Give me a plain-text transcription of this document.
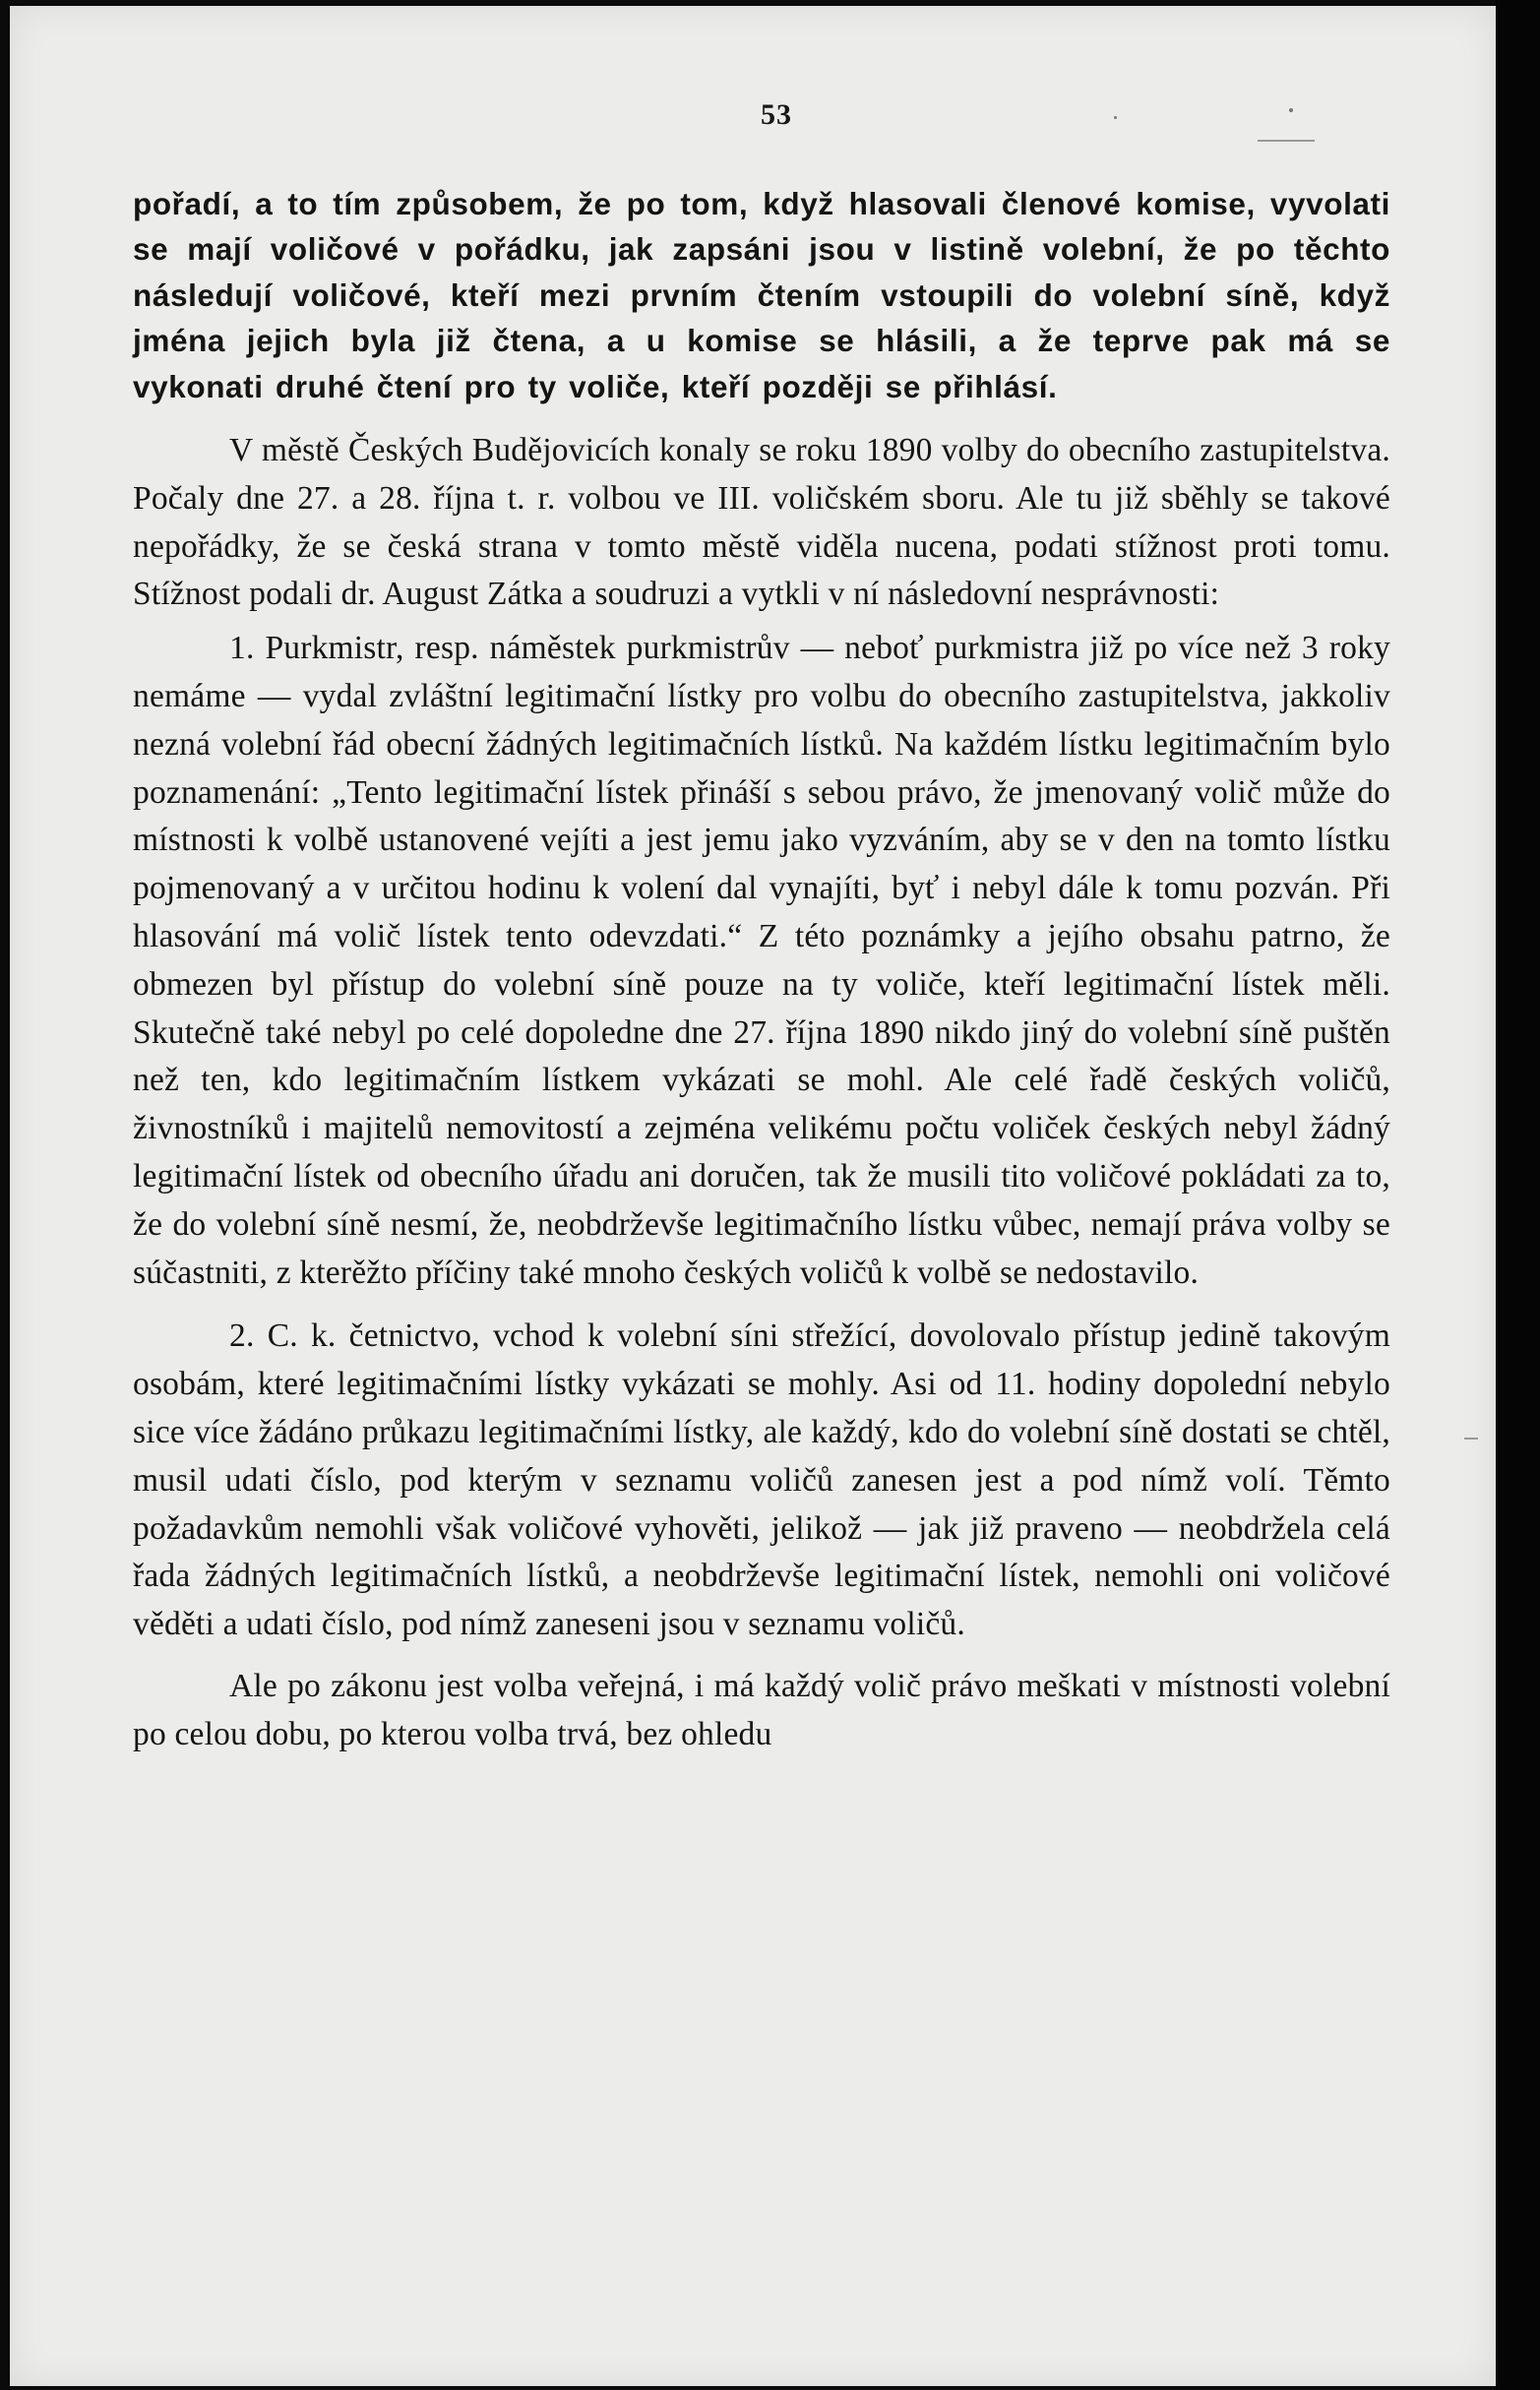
53

pořadí, a to tím způsobem, že po tom, když hlasovali členové komise, vyvolati se mají voličové v pořádku, jak zapsáni jsou v listině volební, že po těchto následují voličové, kteří mezi prvním čtením vstoupili do volební síně, když jména jejich byla již čtena, a u komise se hlásili, a že teprve pak má se vykonati druhé čtení pro ty voliče, kteří později se přihlásí.

V městě Českých Budějovicích konaly se roku 1890 volby do obecního zastupitelstva. Počaly dne 27. a 28. října t. r. volbou ve III. voličském sboru. Ale tu již sběhly se takové nepořádky, že se česká strana v tomto městě viděla nucena, podati stížnost proti tomu. Stížnost podali dr. August Zátka a soudruzi a vytkli v ní následovní nesprávnosti:

1. Purkmistr, resp. náměstek purkmistrův — neboť purkmistra již po více než 3 roky nemáme — vydal zvláštní legitimační lístky pro volbu do obecního zastupitelstva, jakkoliv nezná volební řád obecní žádných legitimačních lístků. Na každém lístku legitimačním bylo poznamenání: „Tento legitimační lístek přináší s sebou právo, že jmenovaný volič může do místnosti k volbě ustanovené vejíti a jest jemu jako vyzváním, aby se v den na tomto lístku pojmenovaný a v určitou hodinu k volení dal vynajíti, byť i nebyl dále k tomu pozván. Při hlasování má volič lístek tento odevzdati.“ Z této poznámky a jejího obsahu patrno, že obmezen byl přístup do volební síně pouze na ty voliče, kteří legitimační lístek měli. Skutečně také nebyl po celé dopoledne dne 27. října 1890 nikdo jiný do volební síně puštěn než ten, kdo legitimačním lístkem vykázati se mohl. Ale celé řadě českých voličů, živnostníků i majitelů nemovitostí a zejména velikému počtu voliček českých nebyl žádný legitimační lístek od obecního úřadu ani doručen, tak že musili tito voličové pokládati za to, že do volební síně nesmí, že, neobdrževše legitimačního lístku vůbec, nemají práva volby se súčastniti, z kterěžto příčiny také mnoho českých voličů k volbě se nedostavilo.

2. C. k. četnictvo, vchod k volební síni střežící, dovolovalo přístup jedině takovým osobám, které legitimačními lístky vykázati se mohly. Asi od 11. hodiny dopolední nebylo sice více žádáno průkazu legitimačními lístky, ale každý, kdo do volební síně dostati se chtěl, musil udati číslo, pod kterým v seznamu voličů zanesen jest a pod nímž volí. Těmto požadavkům nemohli však voličové vyhověti, jelikož — jak již praveno — neobdržela celá řada žádných legitimačních lístků, a neobdrževše legitimační lístek, nemohli oni voličové věděti a udati číslo, pod nímž zaneseni jsou v seznamu voličů.

Ale po zákonu jest volba veřejná, i má každý volič právo meškati v místnosti volební po celou dobu, po kterou volba trvá, bez ohledu
